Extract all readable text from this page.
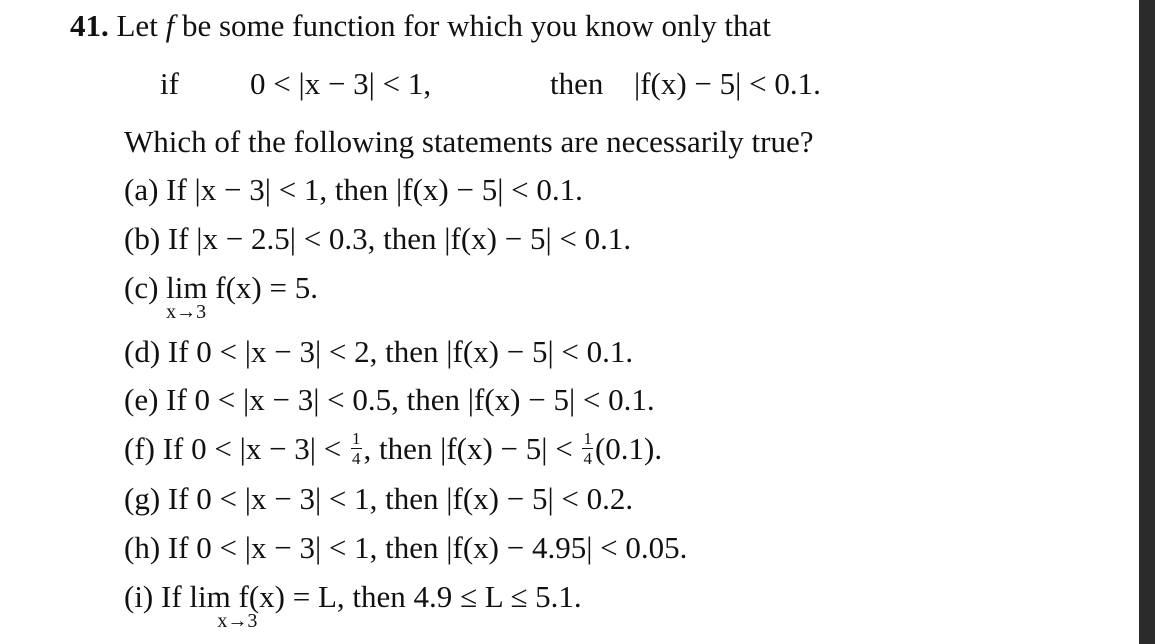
41. Let f be some function for which you know only that
if 0 < |x − 3| < 1,	then |f(x) − 5| < 0.1.
Which of the following statements are necessarily true?
(a) If |x − 3| < 1, then |f(x) − 5| < 0.1.
(b) If |x − 2.5| < 0.3, then |f(x) − 5| < 0.1.
(c) lim
x→3
f(x) = 5.
(d) If 0 < |x − 3| < 2, then |f(x) − 5| < 0.1.
(e) If 0 < |x − 3| < 0.5, then |f(x) − 5| < 0.1.
(f) If $0 < |x - 3| < \frac{1}{4}$ , then $|f(x) - 5| < \frac{1}{4} (0.1)$.
(g) If 0 < |x − 3| < 1, then |f(x) − 5| < 0.2.
(h) If 0 < |x − 3| < 1, then |f(x) − 4.95| < 0.05.
(i) If lim
x→3
f(x) = L, then 4.9 ≤ L ≤ 5.1.
